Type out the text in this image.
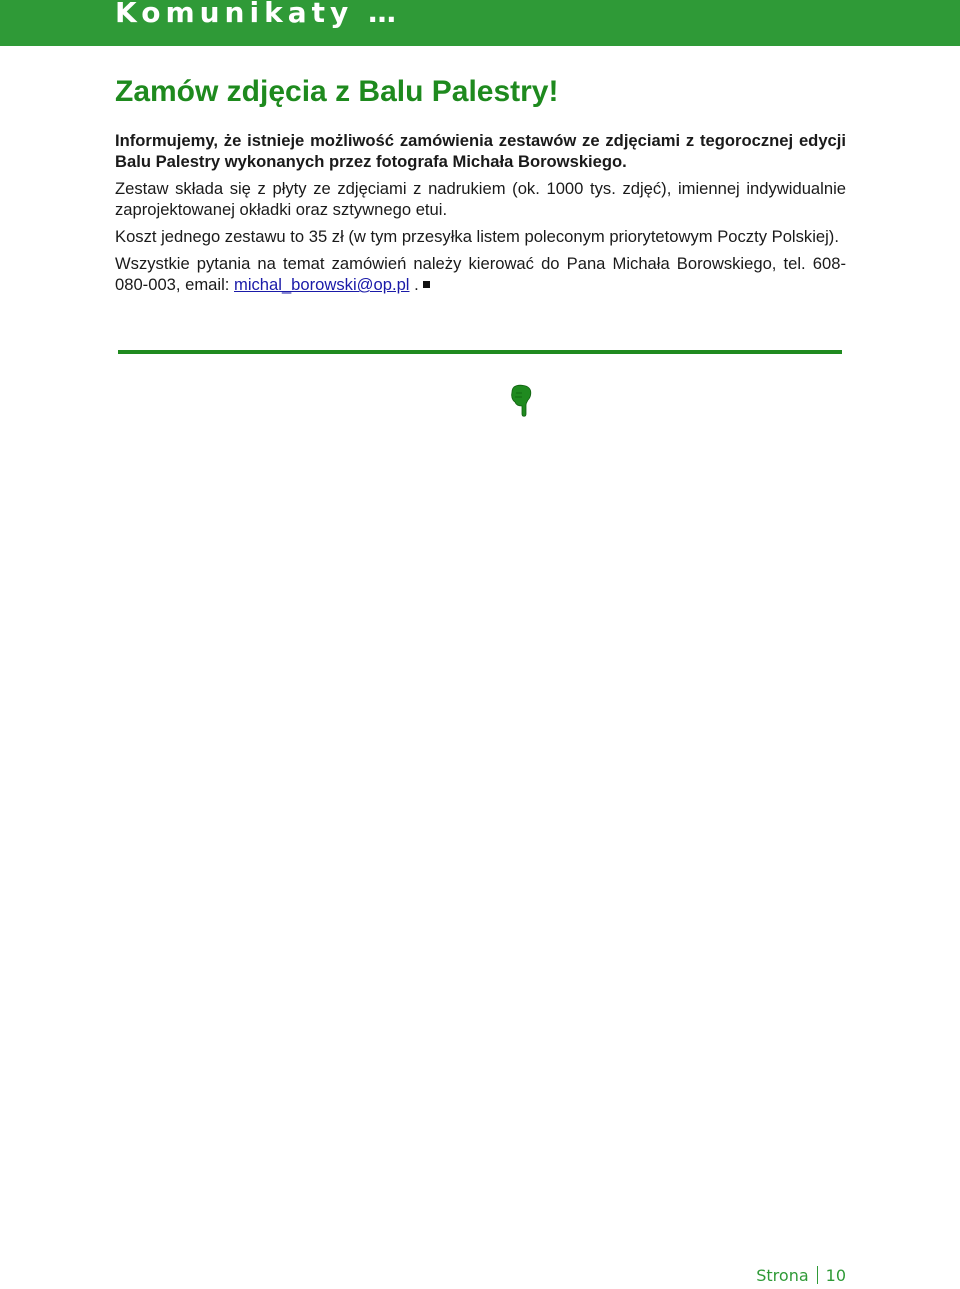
Komunikaty …
Zamów zdjęcia z Balu Palestry!

Informujemy, że istnieje możliwość zamówienia zestawów ze zdjęciami z tegorocznej edycji Balu Palestry wykonanych przez fotografa Michała Borowskiego.

Zestaw składa się z płyty ze zdjęciami z nadrukiem (ok. 1000 tys. zdjęć), imiennej indywidualnie zaprojektowanej okładki oraz sztywnego etui.

Koszt jednego zestawu to 35 zł (w tym przesyłka listem poleconym priorytetowym Poczty Polskiej).

Wszystkie pytania na temat zamówień należy kierować do Pana Michała Borowskiego, tel. 608-080-003, email: michal_borowski@op.pl .

Strona 10
